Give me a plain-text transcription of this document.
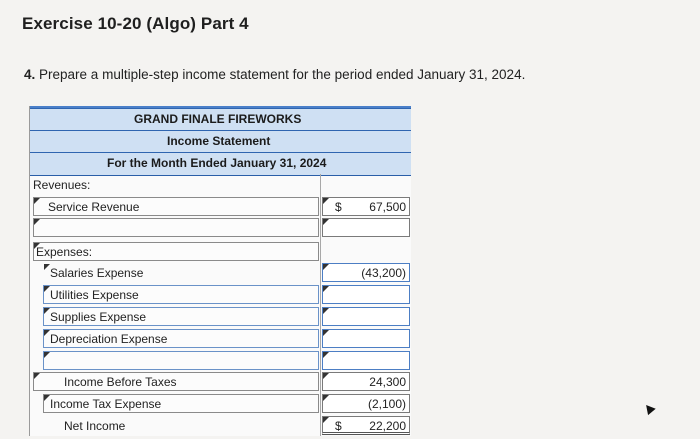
Exercise 10-20 (Algo) Part 4
4. Prepare a multiple-step income statement for the period ended January 31, 2024.
GRAND FINALE FIREWORKS
Income Statement
For the Month Ended January 31, 2024
Revenues:
Service Revenue	$ 67,500
Expenses:
Salaries Expense	(43,200)
Utilities Expense
Supplies Expense
Depreciation Expense
Income Before Taxes	24,300
Income Tax Expense	(2,100)
Net Income	$ 22,200
